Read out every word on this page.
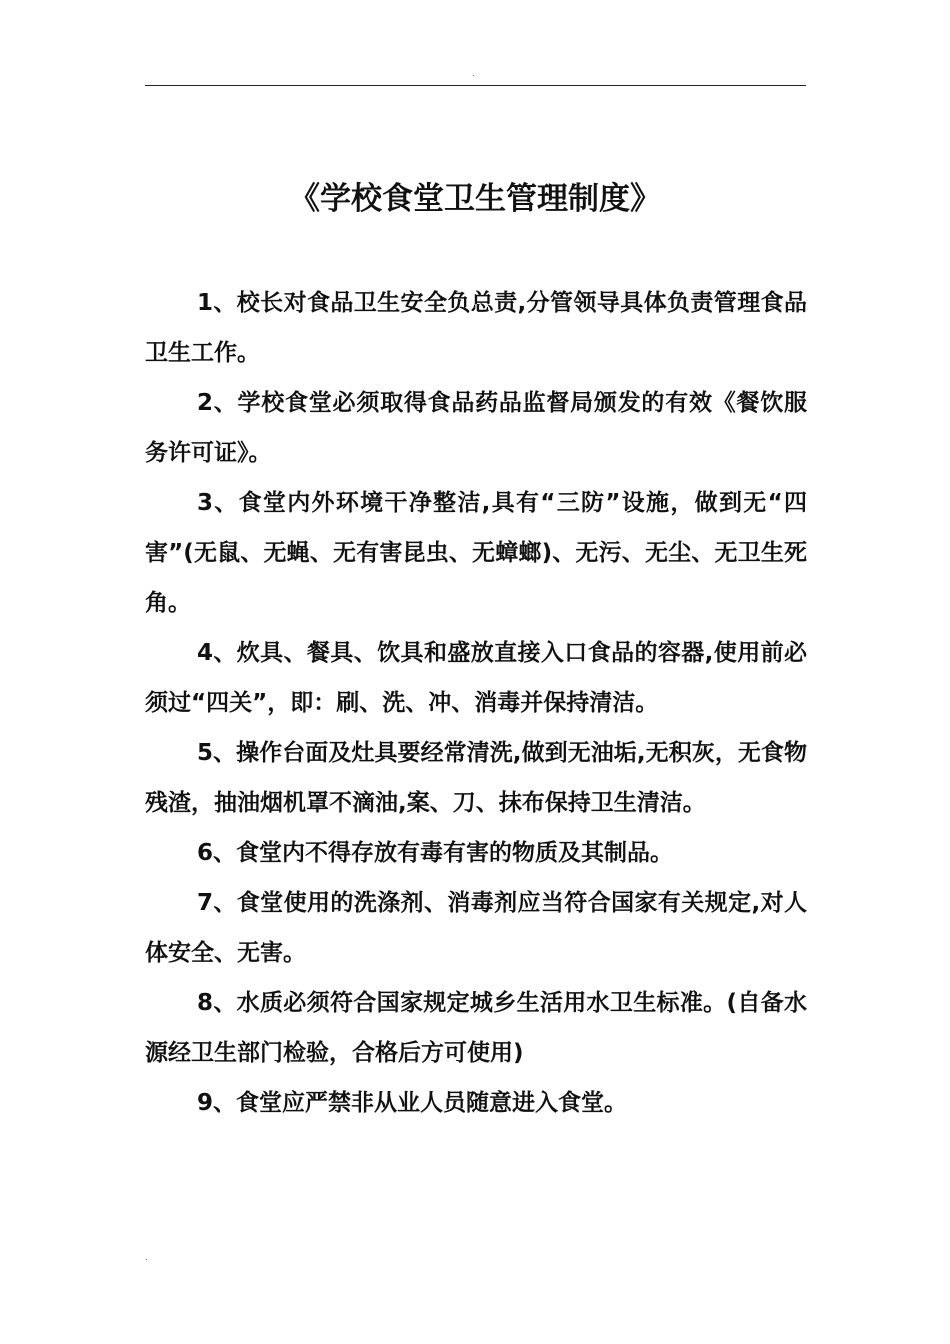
.
《学校食堂卫生管理制度》

1、校长对食品卫生安全负总责,分管领导具体负责管理食品卫生工作。

2、学校食堂必须取得食品药品监督局颁发的有效《餐饮服务许可证》。

3、食堂内外环境干净整洁,具有“三防”设施，做到无“四害”(无鼠、无蝇、无有害昆虫、无蟑螂)、无污、无尘、无卫生死角。

4、炊具、餐具、饮具和盛放直接入口食品的容器,使用前必须过“四关”，即：刷、洗、冲、消毒并保持清洁。

5、操作台面及灶具要经常清洗,做到无油垢,无积灰，无食物残渣，抽油烟机罩不滴油,案、刀、抹布保持卫生清洁。

6、食堂内不得存放有毒有害的物质及其制品。

7、食堂使用的洗涤剂、消毒剂应当符合国家有关规定,对人体安全、无害。

8、水质必须符合国家规定城乡生活用水卫生标准。(自备水源经卫生部门检验，合格后方可使用)

9、食堂应严禁非从业人员随意进入食堂。

.
